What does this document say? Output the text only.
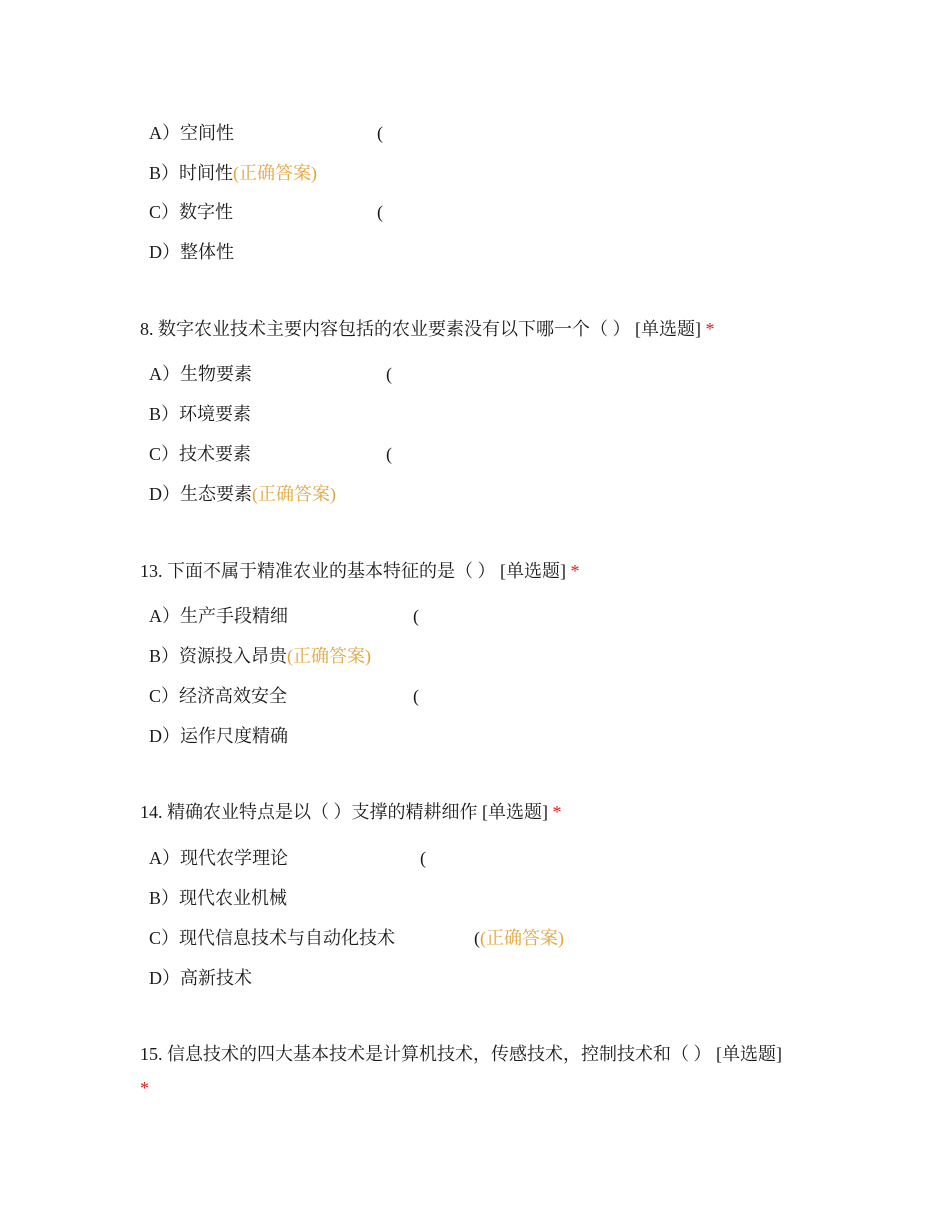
A）空间性	(
B）时间性(正确答案)
C）数字性	(
D）整体性
8. 数字农业技术主要内容包括的农业要素没有以下哪一个（ ） [单选题] *
A）生物要素	(
B）环境要素
C）技术要素	(
D）生态要素(正确答案)
13. 下面不属于精准农业的基本特征的是（ ） [单选题] *
A）生产手段精细	(
B）资源投入昂贵(正确答案)
C）经济高效安全	(
D）运作尺度精确
14. 精确农业特点是以（ ）支撑的精耕细作 [单选题] *
A）现代农学理论	(
B）现代农业机械
C）现代信息技术与自动化技术	((正确答案)
D）高新技术
15. 信息技术的四大基本技术是计算机技术，传感技术，控制技术和（ ） [单选题]
*
